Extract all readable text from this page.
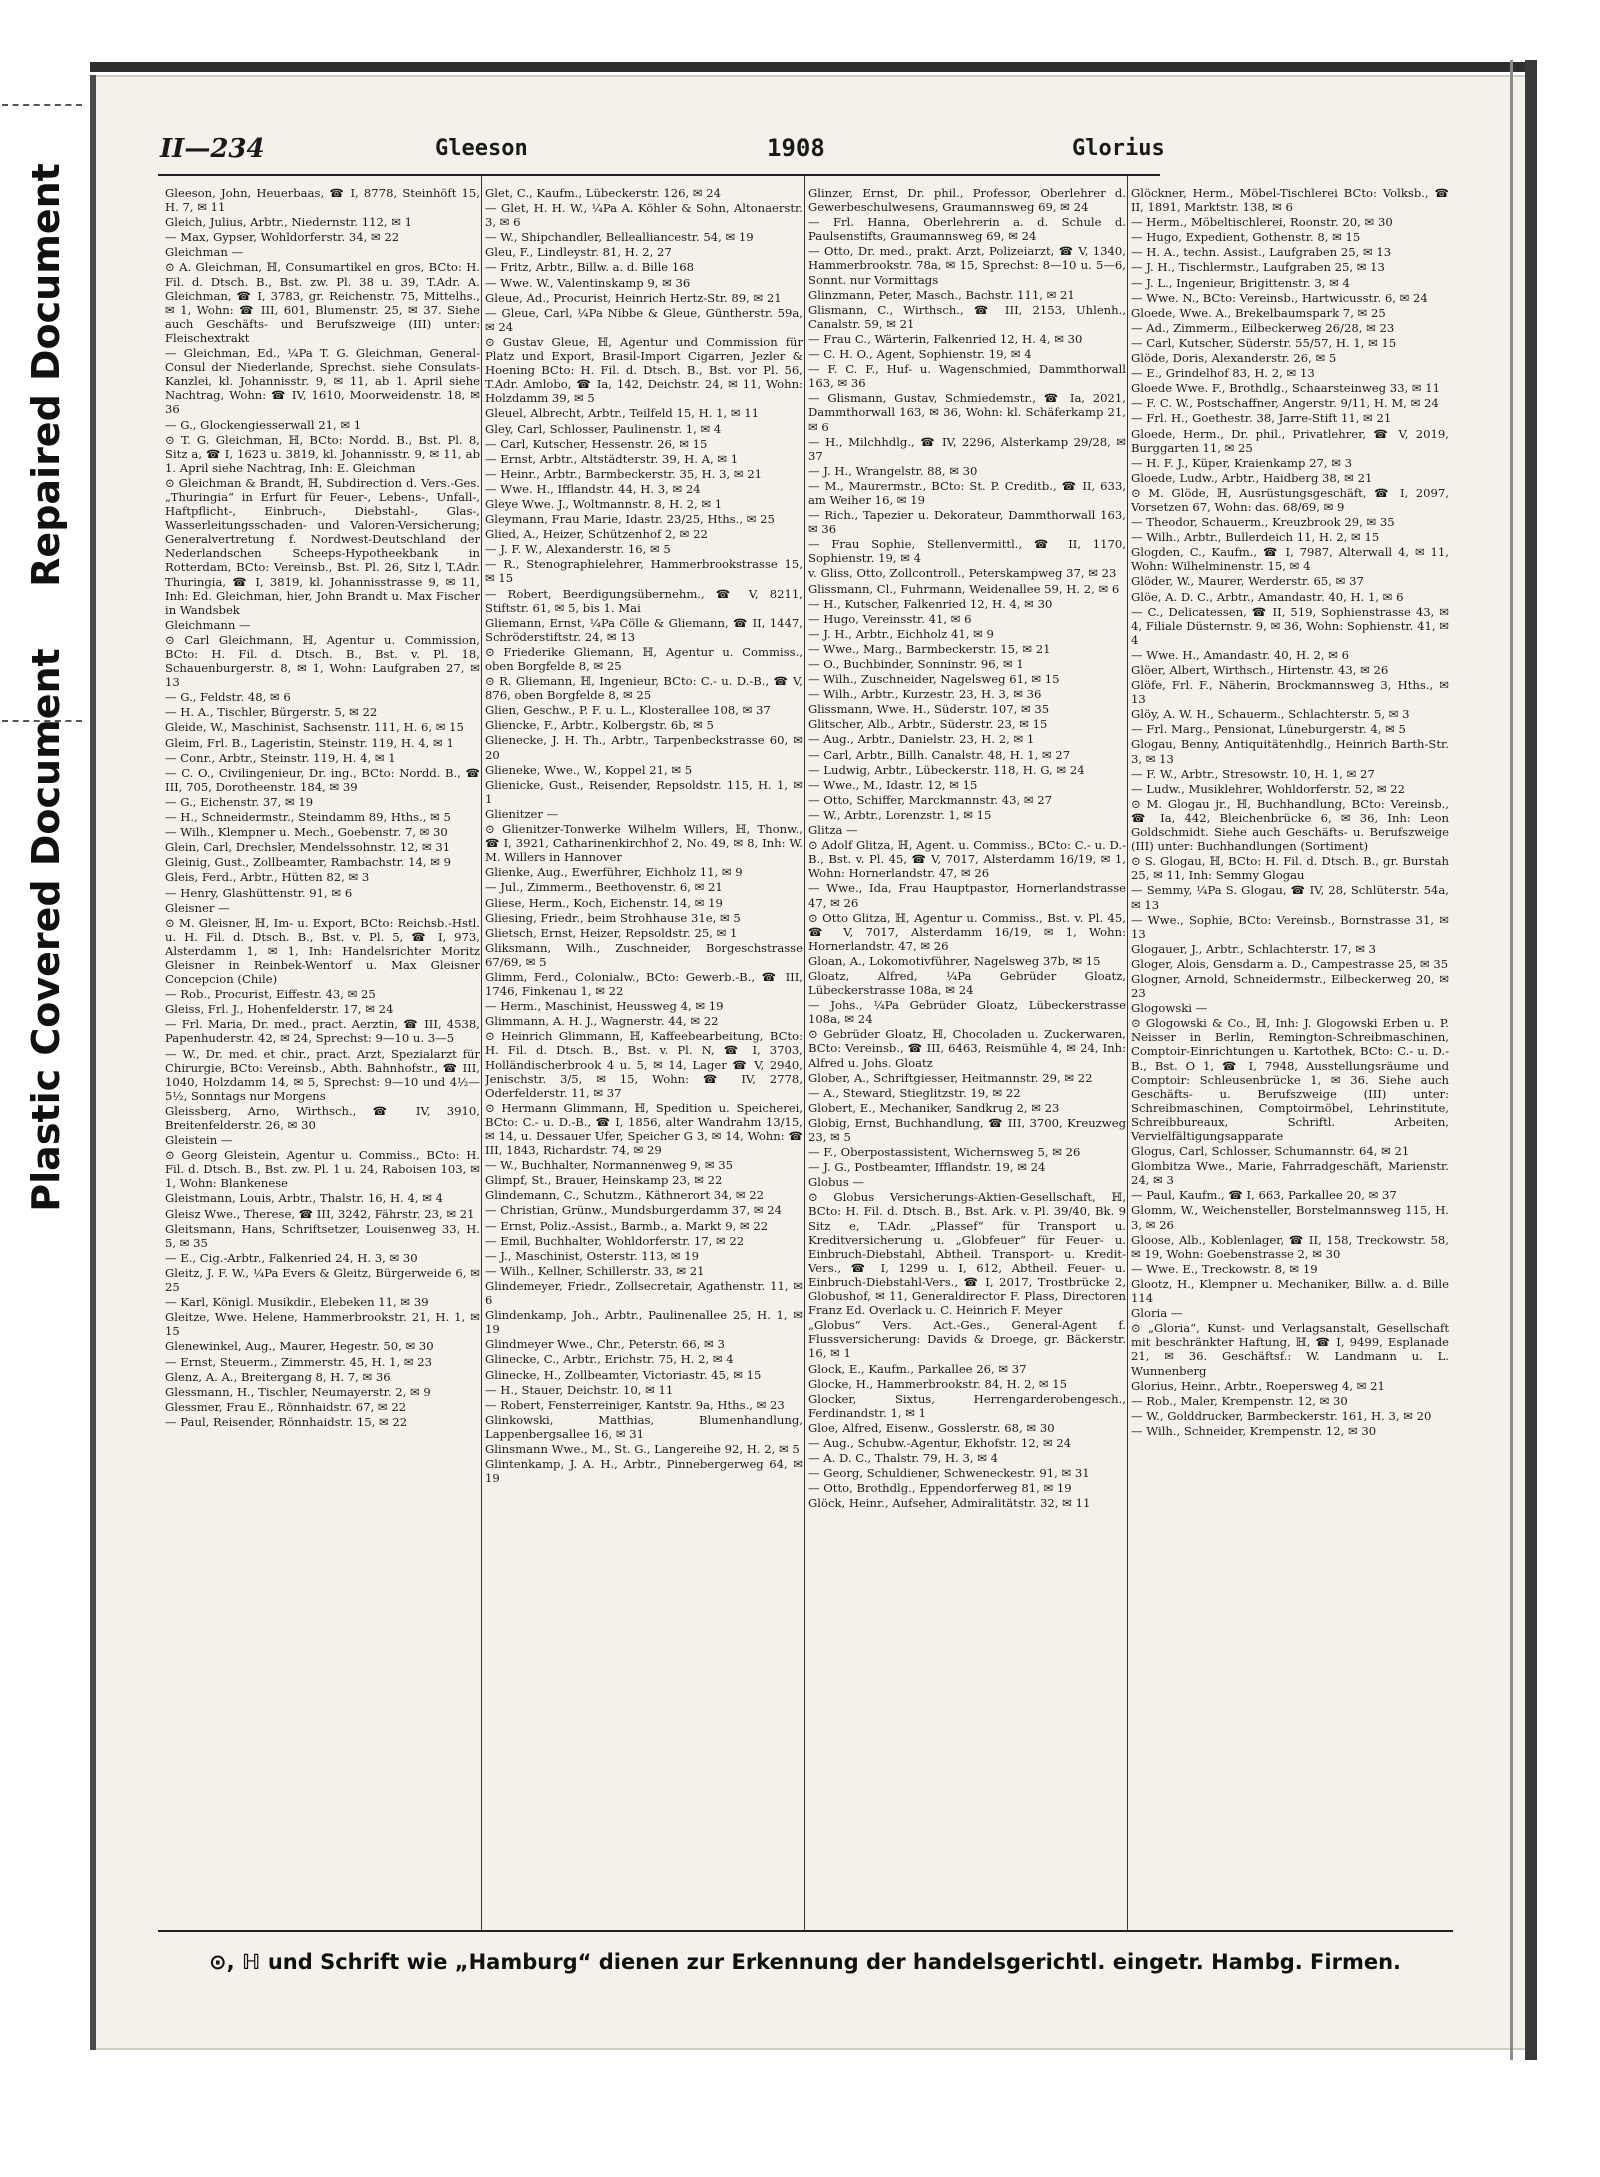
Repaired Document
Plastic Covered Document
II—234	Gleeson	1908	Glorius
Gleeson, John, Heuerbaas, ☎ I, 8778, Steinhöft 15, H. 7, ✉ 11
Gleich, Julius, Arbtr., Niedernstr. 112, ✉ 1
— Max, Gypser, Wohldorferstr. 34, ✉ 22
Gleichman —
⊙ A. Gleichman, ℍ, Consumartikel en gros, BCto: H. Fil. d. Dtsch. B., Bst. zw. Pl. 38 u. 39, T.Adr. A. Gleichman, ☎ I, 3783, gr. Reichenstr. 75, Mittelhs., ✉ 1, Wohn: ☎ III, 601, Blumenstr. 25, ✉ 37. Siehe auch Geschäfts- und Berufszweige (III) unter: Fleischextrakt
— Gleichman, Ed., ¼Pa T. G. Gleichman, General-Consul der Niederlande, Sprechst. siehe Consulats-Kanzlei, kl. Johannisstr. 9, ✉ 11, ab 1. April siehe Nachtrag, Wohn: ☎ IV, 1610, Moorweidenstr. 18, ✉ 36
— G., Glockengiesserwall 21, ✉ 1
⊙ T. G. Gleichman, ℍ, BCto: Nordd. B., Bst. Pl. 8, Sitz a, ☎ I, 1623 u. 3819, kl. Johannisstr. 9, ✉ 11, ab 1. April siehe Nachtrag, Inh: E. Gleichman
⊙ Gleichman & Brandt, ℍ, Subdirection d. Vers.-Ges. „Thuringia“ in Erfurt für Feuer-, Lebens-, Unfall-, Haftpflicht-, Einbruch-, Diebstahl-, Glas-, Wasserleitungsschaden- und Valoren-Versicherung; Generalvertretung f. Nordwest-Deutschland der Nederlandschen Scheeps-Hypotheekbank in Rotterdam, BCto: Vereinsb., Bst. Pl. 26, Sitz l, T.Adr. Thuringia, ☎ I, 3819, kl. Johannisstrasse 9, ✉ 11, Inh: Ed. Gleichman, hier, John Brandt u. Max Fischer in Wandsbek
Gleichmann —
⊙ Carl Gleichmann, ℍ, Agentur u. Commission, BCto: H. Fil. d. Dtsch. B., Bst. v. Pl. 18, Schauenburgerstr. 8, ✉ 1, Wohn: Laufgraben 27, ✉ 13
— G., Feldstr. 48, ✉ 6
— H. A., Tischler, Bürgerstr. 5, ✉ 22
Gleide, W., Maschinist, Sachsenstr. 111, H. 6, ✉ 15
Gleim, Frl. B., Lageristin, Steinstr. 119, H. 4, ✉ 1
— Conr., Arbtr., Steinstr. 119, H. 4, ✉ 1
— C. O., Civilingenieur, Dr. ing., BCto: Nordd. B., ☎ III, 705, Dorotheenstr. 184, ✉ 39
— G., Eichenstr. 37, ✉ 19
— H., Schneidermstr., Steindamm 89, Hths., ✉ 5
— Wilh., Klempner u. Mech., Goebenstr. 7, ✉ 30
Glein, Carl, Drechsler, Mendelssohnstr. 12, ✉ 31
Gleinig, Gust., Zollbeamter, Rambachstr. 14, ✉ 9
Gleis, Ferd., Arbtr., Hütten 82, ✉ 3
— Henry, Glashüttenstr. 91, ✉ 6
Gleisner —
⊙ M. Gleisner, ℍ, Im- u. Export, BCto: Reichsb.-Hstl. u. H. Fil. d. Dtsch. B., Bst. v. Pl. 5, ☎ I, 973, Alsterdamm 1, ✉ 1, Inh: Handelsrichter Moritz Gleisner in Reinbek-Wentorf u. Max Gleisner Concepcion (Chile)
— Rob., Procurist, Eiffestr. 43, ✉ 25
Gleiss, Frl. J., Hohenfelderstr. 17, ✉ 24
— Frl. Maria, Dr. med., pract. Aerztin, ☎ III, 4538, Papenhuderstr. 42, ✉ 24, Sprechst: 9—10 u. 3—5
— W., Dr. med. et chir., pract. Arzt, Spezialarzt für Chirurgie, BCto: Vereinsb., Abth. Bahnhofstr., ☎ III, 1040, Holzdamm 14, ✉ 5, Sprechst: 9—10 und 4½—5½, Sonntags nur Morgens
Gleissberg, Arno, Wirthsch., ☎ IV, 3910, Breitenfelderstr. 26, ✉ 30
Gleistein —
⊙ Georg Gleistein, Agentur u. Commiss., BCto: H. Fil. d. Dtsch. B., Bst. zw. Pl. 1 u. 24, Raboisen 103, ✉ 1, Wohn: Blankenese
Gleistmann, Louis, Arbtr., Thalstr. 16, H. 4, ✉ 4
Gleisz Wwe., Therese, ☎ III, 3242, Fährstr. 23, ✉ 21
Gleitsmann, Hans, Schriftsetzer, Louisenweg 33, H. 5, ✉ 35
— E., Cig.-Arbtr., Falkenried 24, H. 3, ✉ 30
Gleitz, J. F. W., ¼Pa Evers & Gleitz, Bürgerweide 6, ✉ 25
— Karl, Königl. Musikdir., Elebeken 11, ✉ 39
Gleitze, Wwe. Helene, Hammerbrookstr. 21, H. 1, ✉ 15
Glenewinkel, Aug., Maurer, Hegestr. 50, ✉ 30
— Ernst, Steuerm., Zimmerstr. 45, H. 1, ✉ 23
Glenz, A. A., Breitergang 8, H. 7, ✉ 36
Glessmann, H., Tischler, Neumayerstr. 2, ✉ 9
Glessmer, Frau E., Rönnhaidstr. 67, ✉ 22
— Paul, Reisender, Rönnhaidstr. 15, ✉ 22
Glet, C., Kaufm., Lübeckerstr. 126, ✉ 24
— Glet, H. H. W., ¼Pa A. Köhler & Sohn, Altonaerstr. 3, ✉ 6
— W., Shipchandler, Bellealliancestr. 54, ✉ 19
Gleu, F., Lindleystr. 81, H. 2, 27
— Fritz, Arbtr., Billw. a. d. Bille 168
— Wwe. W., Valentinskamp 9, ✉ 36
Gleue, Ad., Procurist, Heinrich Hertz-Str. 89, ✉ 21
— Gleue, Carl, ¼Pa Nibbe & Gleue, Güntherstr. 59a, ✉ 24
⊙ Gustav Gleue, ℍ, Agentur und Commission für Platz und Export, Brasil-Import Cigarren, Jezler & Hoening BCto: H. Fil. d. Dtsch. B., Bst. vor Pl. 56, T.Adr. Amlobo, ☎ Ia, 142, Deichstr. 24, ✉ 11, Wohn: Holzdamm 39, ✉ 5
Gleuel, Albrecht, Arbtr., Teilfeld 15, H. 1, ✉ 11
Gley, Carl, Schlosser, Paulinenstr. 1, ✉ 4
— Carl, Kutscher, Hessenstr. 26, ✉ 15
— Ernst, Arbtr., Altstädterstr. 39, H. A, ✉ 1
— Heinr., Arbtr., Barmbeckerstr. 35, H. 3, ✉ 21
— Wwe. H., Ifflandstr. 44, H. 3, ✉ 24
Gleye Wwe. J., Woltmannstr. 8, H. 2, ✉ 1
Gleymann, Frau Marie, Idastr. 23/25, Hths., ✉ 25
Glied, A., Heizer, Schützenhof 2, ✉ 22
— J. F. W., Alexanderstr. 16, ✉ 5
— R., Stenographielehrer, Hammerbrookstrasse 15, ✉ 15
— Robert, Beerdigungsübernehm., ☎ V, 8211, Stiftstr. 61, ✉ 5, bis 1. Mai
Gliemann, Ernst, ¼Pa Cölle & Gliemann, ☎ II, 1447, Schröderstiftstr. 24, ✉ 13
⊙ Friederike Gliemann, ℍ, Agentur u. Commiss., oben Borgfelde 8, ✉ 25
⊙ R. Gliemann, ℍ, Ingenieur, BCto: C.- u. D.-B., ☎ V, 876, oben Borgfelde 8, ✉ 25
Glien, Geschw., P. F. u. L., Klosterallee 108, ✉ 37
Gliencke, F., Arbtr., Kolbergstr. 6b, ✉ 5
Glienecke, J. H. Th., Arbtr., Tarpenbeckstrasse 60, ✉ 20
Glieneke, Wwe., W., Koppel 21, ✉ 5
Glienicke, Gust., Reisender, Repsoldstr. 115, H. 1, ✉ 1
Glienitzer —
⊙ Glienitzer-Tonwerke Wilhelm Willers, ℍ, Thonw., ☎ I, 3921, Catharinenkirchhof 2, No. 49, ✉ 8, Inh: W. M. Willers in Hannover
Glienke, Aug., Ewerführer, Eichholz 11, ✉ 9
— Jul., Zimmerm., Beethovenstr. 6, ✉ 21
Gliese, Herm., Koch, Eichenstr. 14, ✉ 19
Gliesing, Friedr., beim Strohhause 31e, ✉ 5
Glietsch, Ernst, Heizer, Repsoldstr. 25, ✉ 1
Gliksmann, Wilh., Zuschneider, Borgeschstrasse 67/69, ✉ 5
Glimm, Ferd., Colonialw., BCto: Gewerb.-B., ☎ III, 1746, Finkenau 1, ✉ 22
— Herm., Maschinist, Heussweg 4, ✉ 19
Glimmann, A. H. J., Wagnerstr. 44, ✉ 22
⊙ Heinrich Glimmann, ℍ, Kaffeebearbeitung, BCto: H. Fil. d. Dtsch. B., Bst. v. Pl. N, ☎ I, 3703, Holländischerbrook 4 u. 5, ✉ 14, Lager ☎ V, 2940, Jenischstr. 3/5, ✉ 15, Wohn: ☎ IV, 2778, Oderfelderstr. 11, ✉ 37
⊙ Hermann Glimmann, ℍ, Spedition u. Speicherei, BCto: C.- u. D.-B., ☎ I, 1856, alter Wandrahm 13/15, ✉ 14, u. Dessauer Ufer, Speicher G 3, ✉ 14, Wohn: ☎ III, 1843, Richardstr. 74, ✉ 29
— W., Buchhalter, Normannenweg 9, ✉ 35
Glimpf, St., Brauer, Heinskamp 23, ✉ 22
Glindemann, C., Schutzm., Käthnerort 34, ✉ 22
— Christian, Grünw., Mundsburgerdamm 37, ✉ 24
— Ernst, Poliz.-Assist., Barmb., a. Markt 9, ✉ 22
— Emil, Buchhalter, Wohldorferstr. 17, ✉ 22
— J., Maschinist, Osterstr. 113, ✉ 19
— Wilh., Kellner, Schillerstr. 33, ✉ 21
Glindemeyer, Friedr., Zollsecretair, Agathenstr. 11, ✉ 6
Glindenkamp, Joh., Arbtr., Paulinenallee 25, H. 1, ✉ 19
Glindmeyer Wwe., Chr., Peterstr. 66, ✉ 3
Glinecke, C., Arbtr., Erichstr. 75, H. 2, ✉ 4
Glinecke, H., Zollbeamter, Victoriastr. 45, ✉ 15
— H., Stauer, Deichstr. 10, ✉ 11
— Robert, Fensterreiniger, Kantstr. 9a, Hths., ✉ 23
Glinkowski, Matthias, Blumenhandlung, Lappenbergsallee 16, ✉ 31
Glinsmann Wwe., M., St. G., Langereihe 92, H. 2, ✉ 5
Glintenkamp, J. A. H., Arbtr., Pinnebergerweg 64, ✉ 19
Glinzer, Ernst, Dr. phil., Professor, Oberlehrer d. Gewerbeschulwesens, Graumannsweg 69, ✉ 24
— Frl. Hanna, Oberlehrerin a. d. Schule d. Paulsenstifts, Graumannsweg 69, ✉ 24
— Otto, Dr. med., prakt. Arzt, Polizeiarzt, ☎ V, 1340, Hammerbrookstr. 78a, ✉ 15, Sprechst: 8—10 u. 5—6, Sonnt. nur Vormittags
Glinzmann, Peter, Masch., Bachstr. 111, ✉ 21
Glismann, C., Wirthsch., ☎ III, 2153, Uhlenh., Canalstr. 59, ✉ 21
— Frau C., Wärterin, Falkenried 12, H. 4, ✉ 30
— C. H. O., Agent, Sophienstr. 19, ✉ 4
— F. C. F., Huf- u. Wagenschmied, Dammthorwall 163, ✉ 36
— Glismann, Gustav, Schmiedemstr., ☎ Ia, 2021, Dammthorwall 163, ✉ 36, Wohn: kl. Schäferkamp 21, ✉ 6
— H., Milchhdlg., ☎ IV, 2296, Alsterkamp 29/28, ✉ 37
— J. H., Wrangelstr. 88, ✉ 30
— M., Maurermstr., BCto: St. P. Creditb., ☎ II, 633, am Weiher 16, ✉ 19
— Rich., Tapezier u. Dekorateur, Dammthorwall 163, ✉ 36
— Frau Sophie, Stellenvermittl., ☎ II, 1170, Sophienstr. 19, ✉ 4
v. Gliss, Otto, Zollcontroll., Peterskampweg 37, ✉ 23
Glissmann, Cl., Fuhrmann, Weidenallee 59, H. 2, ✉ 6
— H., Kutscher, Falkenried 12, H. 4, ✉ 30
— Hugo, Vereinsstr. 41, ✉ 6
— J. H., Arbtr., Eichholz 41, ✉ 9
— Wwe., Marg., Barmbeckerstr. 15, ✉ 21
— O., Buchbinder, Sonninstr. 96, ✉ 1
— Wilh., Zuschneider, Nagelsweg 61, ✉ 15
— Wilh., Arbtr., Kurzestr. 23, H. 3, ✉ 36
Glissmann, Wwe. H., Süderstr. 107, ✉ 35
Glitscher, Alb., Arbtr., Süderstr. 23, ✉ 15
— Aug., Arbtr., Danielstr. 23, H. 2, ✉ 1
— Carl, Arbtr., Billh. Canalstr. 48, H. 1, ✉ 27
— Ludwig, Arbtr., Lübeckerstr. 118, H. G, ✉ 24
— Wwe., M., Idastr. 12, ✉ 15
— Otto, Schiffer, Marckmannstr. 43, ✉ 27
— W., Arbtr., Lorenzstr. 1, ✉ 15
Glitza —
⊙ Adolf Glitza, ℍ, Agent. u. Commiss., BCto: C.- u. D.-B., Bst. v. Pl. 45, ☎ V, 7017, Alsterdamm 16/19, ✉ 1, Wohn: Hornerlandstr. 47, ✉ 26
— Wwe., Ida, Frau Hauptpastor, Hornerlandstrasse 47, ✉ 26
⊙ Otto Glitza, ℍ, Agentur u. Commiss., Bst. v. Pl. 45, ☎ V, 7017, Alsterdamm 16/19, ✉ 1, Wohn: Hornerlandstr. 47, ✉ 26
Gloan, A., Lokomotivführer, Nagelsweg 37b, ✉ 15
Gloatz, Alfred, ¼Pa Gebrüder Gloatz, Lübeckerstrasse 108a, ✉ 24
— Johs., ¼Pa Gebrüder Gloatz, Lübeckerstrasse 108a, ✉ 24
⊙ Gebrüder Gloatz, ℍ, Chocoladen u. Zuckerwaren, BCto: Vereinsb., ☎ III, 6463, Reismühle 4, ✉ 24, Inh: Alfred u. Johs. Gloatz
Glober, A., Schriftgiesser, Heitmannstr. 29, ✉ 22
— A., Steward, Stieglitzstr. 19, ✉ 22
Globert, E., Mechaniker, Sandkrug 2, ✉ 23
Globig, Ernst, Buchhandlung, ☎ III, 3700, Kreuzweg 23, ✉ 5
— F., Oberpostassistent, Wichernsweg 5, ✉ 26
— J. G., Postbeamter, Ifflandstr. 19, ✉ 24
Globus —
⊙ Globus Versicherungs-Aktien-Gesellschaft, ℍ, BCto: H. Fil. d. Dtsch. B., Bst. Ark. v. Pl. 39/40, Bk. 9 Sitz e, T.Adr. „Plassef“ für Transport u. Kreditversicherung u. „Globfeuer“ für Feuer- u. Einbruch-Diebstahl, Abtheil. Transport- u. Kredit-Vers., ☎ I, 1299 u. I, 612, Abtheil. Feuer- u. Einbruch-Diebstahl-Vers., ☎ I, 2017, Trostbrücke 2, Globushof, ✉ 11, Generaldirector F. Plass, Directoren Franz Ed. Overlack u. C. Heinrich F. Meyer
„Globus“ Vers. Act.-Ges., General-Agent f. Flussversicherung: Davids & Droege, gr. Bäckerstr. 16, ✉ 1
Glock, E., Kaufm., Parkallee 26, ✉ 37
Glocke, H., Hammerbrookstr. 84, H. 2, ✉ 15
Glocker, Sixtus, Herrengarderobengesch., Ferdinandstr. 1, ✉ 1
Gloe, Alfred, Eisenw., Gosslerstr. 68, ✉ 30
— Aug., Schubw.-Agentur, Ekhofstr. 12, ✉ 24
— A. D. C., Thalstr. 79, H. 3, ✉ 4
— Georg, Schuldiener, Schweneckestr. 91, ✉ 31
— Otto, Brothdlg., Eppendorferweg 81, ✉ 19
Glöck, Heinr., Aufseher, Admiralitätstr. 32, ✉ 11
Glöckner, Herm., Möbel-Tischlerei BCto: Volksb., ☎ II, 1891, Marktstr. 138, ✉ 6
— Herm., Möbeltischlerei, Roonstr. 20, ✉ 30
— Hugo, Expedient, Gothenstr. 8, ✉ 15
— H. A., techn. Assist., Laufgraben 25, ✉ 13
— J. H., Tischlermstr., Laufgraben 25, ✉ 13
— J. L., Ingenieur, Brigittenstr. 3, ✉ 4
— Wwe. N., BCto: Vereinsb., Hartwicusstr. 6, ✉ 24
Gloede, Wwe. A., Brekelbaumspark 7, ✉ 25
— Ad., Zimmerm., Eilbeckerweg 26/28, ✉ 23
— Carl, Kutscher, Süderstr. 55/57, H. 1, ✉ 15
Glöde, Doris, Alexanderstr. 26, ✉ 5
— E., Grindelhof 83, H. 2, ✉ 13
Gloede Wwe. F., Brothdlg., Schaarsteinweg 33, ✉ 11
— F. C. W., Postschaffner, Angerstr. 9/11, H. M, ✉ 24
— Frl. H., Goethestr. 38, Jarre-Stift 11, ✉ 21
Gloede, Herm., Dr. phil., Privatlehrer, ☎ V, 2019, Burggarten 11, ✉ 25
— H. F. J., Küper, Kraienkamp 27, ✉ 3
Gloede, Ludw., Arbtr., Haidberg 38, ✉ 21
⊙ M. Glöde, ℍ, Ausrüstungsgeschäft, ☎ I, 2097, Vorsetzen 67, Wohn: das. 68/69, ✉ 9
— Theodor, Schauerm., Kreuzbrook 29, ✉ 35
— Wilh., Arbtr., Bullerdeich 11, H. 2, ✉ 15
Glogden, C., Kaufm., ☎ I, 7987, Alterwall 4, ✉ 11, Wohn: Wilhelminenstr. 15, ✉ 4
Glöder, W., Maurer, Werderstr. 65, ✉ 37
Glöe, A. D. C., Arbtr., Amandastr. 40, H. 1, ✉ 6
— C., Delicatessen, ☎ II, 519, Sophienstrasse 43, ✉ 4, Filiale Düsternstr. 9, ✉ 36, Wohn: Sophienstr. 41, ✉ 4
— Wwe. H., Amandastr. 40, H. 2, ✉ 6
Glöer, Albert, Wirthsch., Hirtenstr. 43, ✉ 26
Glöfe, Frl. F., Näherin, Brockmannsweg 3, Hths., ✉ 13
Glöy, A. W. H., Schauerm., Schlachterstr. 5, ✉ 3
— Frl. Marg., Pensionat, Lüneburgerstr. 4, ✉ 5
Glogau, Benny, Antiquitätenhdlg., Heinrich Barth-Str. 3, ✉ 13
— F. W., Arbtr., Stresowstr. 10, H. 1, ✉ 27
— Ludw., Musiklehrer, Wohldorferstr. 52, ✉ 22
⊙ M. Glogau jr., ℍ, Buchhandlung, BCto: Vereinsb., ☎ Ia, 442, Bleichenbrücke 6, ✉ 36, Inh: Leon Goldschmidt. Siehe auch Geschäfts- u. Berufszweige (III) unter: Buchhandlungen (Sortiment)
⊙ S. Glogau, ℍ, BCto: H. Fil. d. Dtsch. B., gr. Burstah 25, ✉ 11, Inh: Semmy Glogau
— Semmy, ¼Pa S. Glogau, ☎ IV, 28, Schlüterstr. 54a, ✉ 13
— Wwe., Sophie, BCto: Vereinsb., Bornstrasse 31, ✉ 13
Glogauer, J., Arbtr., Schlachterstr. 17, ✉ 3
Gloger, Alois, Gensdarm a. D., Campestrasse 25, ✉ 35
Glogner, Arnold, Schneidermstr., Eilbeckerweg 20, ✉ 23
Glogowski —
⊙ Glogowski & Co., ℍ, Inh: J. Glogowski Erben u. P. Neisser in Berlin, Remington-Schreibmaschinen, Comptoir-Einrichtungen u. Kartothek, BCto: C.- u. D.-B., Bst. O 1, ☎ I, 7948, Ausstellungsräume und Comptoir: Schleusenbrücke 1, ✉ 36. Siehe auch Geschäfts- u. Berufszweige (III) unter: Schreibmaschinen, Comptoirmöbel, Lehrinstitute, Schreibbureaux, Schriftl. Arbeiten, Vervielfältigungsapparate
Glogus, Carl, Schlosser, Schumannstr. 64, ✉ 21
Glombitza Wwe., Marie, Fahrradgeschäft, Marienstr. 24, ✉ 3
— Paul, Kaufm., ☎ I, 663, Parkallee 20, ✉ 37
Glomm, W., Weichensteller, Borstelmannsweg 115, H. 3, ✉ 26
Gloose, Alb., Koblenlager, ☎ II, 158, Treckowstr. 58, ✉ 19, Wohn: Goebenstrasse 2, ✉ 30
— Wwe. E., Treckowstr. 8, ✉ 19
Glootz, H., Klempner u. Mechaniker, Billw. a. d. Bille 114
Gloria —
⊙ „Gloria“, Kunst- und Verlagsanstalt, Gesellschaft mit beschränkter Haftung, ℍ, ☎ I, 9499, Esplanade 21, ✉ 36. Geschäftsf.: W. Landmann u. L. Wunnenberg
Glorius, Heinr., Arbtr., Roepersweg 4, ✉ 21
— Rob., Maler, Krempenstr. 12, ✉ 30
— W., Golddrucker, Barmbeckerstr. 161, H. 3, ✉ 20
— Wilh., Schneider, Krempenstr. 12, ✉ 30
⊙, ℍ und Schrift wie „Hamburg“ dienen zur Erkennung der handelsgerichtl. eingetr. Hambg. Firmen.
